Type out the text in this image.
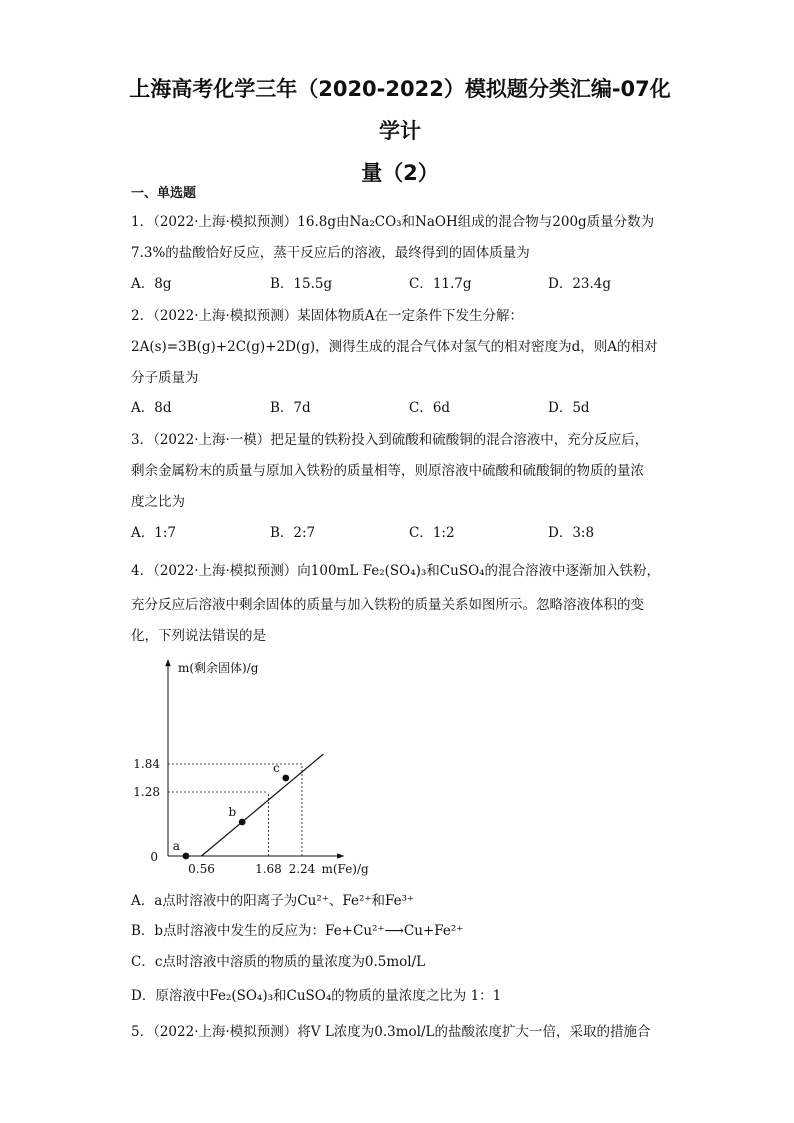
上海高考化学三年（2020-2022）模拟题分类汇编-07化学计
量（2）
一、单选题
1．（2022·上海·模拟预测）16.8g由Na₂CO₃和NaOH组成的混合物与200g质量分数为
7.3%的盐酸恰好反应，蒸干反应后的溶液，最终得到的固体质量为
A．8g	B．15.5g	C．11.7g	D．23.4g
2．（2022·上海·模拟预测）某固体物质A在一定条件下发生分解：
2A(s)=3B(g)+2C(g)+2D(g)，测得生成的混合气体对氢气的相对密度为d，则A的相对
分子质量为
A．8d	B．7d	C．6d	D．5d
3．（2022·上海·一模）把足量的铁粉投入到硫酸和硫酸铜的混合溶液中，充分反应后，
剩余金属粉末的质量与原加入铁粉的质量相等，则原溶液中硫酸和硫酸铜的物质的量浓
度之比为
A．1:7	B．2:7	C．1:2	D．3:8
4．（2022·上海·模拟预测）向100mL Fe₂(SO₄)₃和CuSO₄的混合溶液中逐渐加入铁粉，
充分反应后溶液中剩余固体的质量与加入铁粉的质量关系如图所示。忽略溶液体积的变
化，下列说法错误的是
m(剩余固体)/g
m(Fe)/g
0
0.56	1.68 2.24
1.28
1.84
a
b
c
A．a点时溶液中的阳离子为Cu²⁺、Fe²⁺和Fe³⁺
B．b点时溶液中发生的反应为：Fe+Cu²⁺⟶Cu+Fe²⁺
C．c点时溶液中溶质的物质的量浓度为0.5mol/L
D．原溶液中Fe₂(SO₄)₃和CuSO₄的物质的量浓度之比为 1：1
5．（2022·上海·模拟预测）将V L浓度为0.3mol/L的盐酸浓度扩大一倍，采取的措施合
